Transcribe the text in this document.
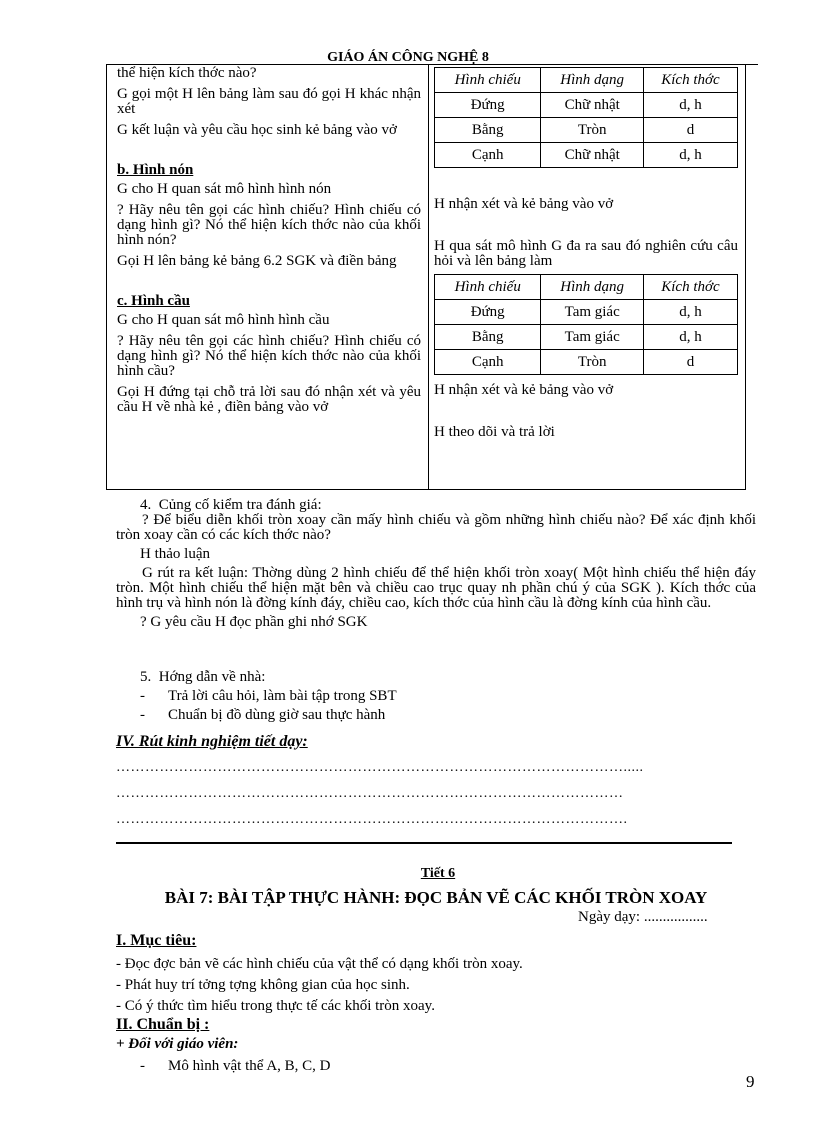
GIÁO ÁN CÔNG NGHỆ 8

thể hiện kích thớc nào?

G gọi một H lên bảng làm sau đó gọi H khác nhận xét

G kết luận và yêu cầu học sinh kẻ bảng vào vở

b. Hình nón

G cho H quan sát mô hình hình nón

? Hãy nêu tên gọi các hình chiếu? Hình chiếu có dạng hình gì? Nó thể hiện kích thớc nào của khối hình nón?

Gọi H lên bảng kẻ bảng 6.2 SGK và điền bảng

c. Hình cầu

G cho H quan sát mô hình hình cầu

? Hãy nêu tên gọi các hình chiếu? Hình chiếu có dạng hình gì? Nó thể hiện kích thớc nào của khối hình cầu?

Gọi H đứng tại chỗ trả lời sau đó nhận xét và yêu cầu H về nhà kẻ , điền bảng vào vở

Hình chiếu	Hình dạng	Kích thớc
Đứng	Chữ nhật	d, h
Bằng	Tròn	d
Cạnh	Chữ nhật	d, h

H nhận xét và kẻ bảng vào vở

H qua sát mô hình G đa ra sau đó nghiên cứu câu hỏi và lên bảng làm

Hình chiếu	Hình dạng	Kích thớc
Đứng	Tam giác	d, h
Bằng	Tam giác	d, h
Cạnh	Tròn	d

H nhận xét và kẻ bảng vào vở

H theo dõi và trả lời

4. Củng cố kiểm tra đánh giá:

? Để biểu diễn khối tròn xoay cần mấy hình chiếu và gồm những hình chiếu nào? Để xác định khối tròn xoay cần có các kích thớc nào?

H thảo luận

G rút ra kết luận: Thờng dùng 2 hình chiếu để thể hiện khối tròn xoay( Một hình chiếu thể hiện đáy tròn. Một hình chiếu thể hiện mặt bên và chiều cao trục quay nh phần chú ý của SGK ). Kích thớc của hình trụ và hình nón là đờng kính đáy, chiều cao, kích thớc của hình cầu là đờng kính của hình cầu.

? G yêu cầu H đọc phần ghi nhớ SGK

5. Hớng dẫn về nhà:

- Trả lời câu hỏi, làm bài tập trong SBT

- Chuẩn bị đồ dùng giờ sau thực hành

IV. Rút kinh nghiệm tiết dạy:
…………………………………………………………………………………………….....
……………………………………………………………………………………………
…………………………………………………………………………………………….
Tiết 6
BÀI 7: BÀI TẬP THỰC HÀNH: ĐỌC BẢN VẼ CÁC KHỐI TRÒN XOAY
Ngày dạy: .................
I. Mục tiêu:
- Đọc đợc bản vẽ các hình chiếu của vật thể có dạng khối tròn xoay.
- Phát huy trí tởng tợng không gian của học sinh.
- Có ý thức tìm hiểu trong thực tế các khối tròn xoay.
II. Chuẩn bị :
+ Đối với giáo viên:
- Mô hình vật thể A, B, C, D
9
